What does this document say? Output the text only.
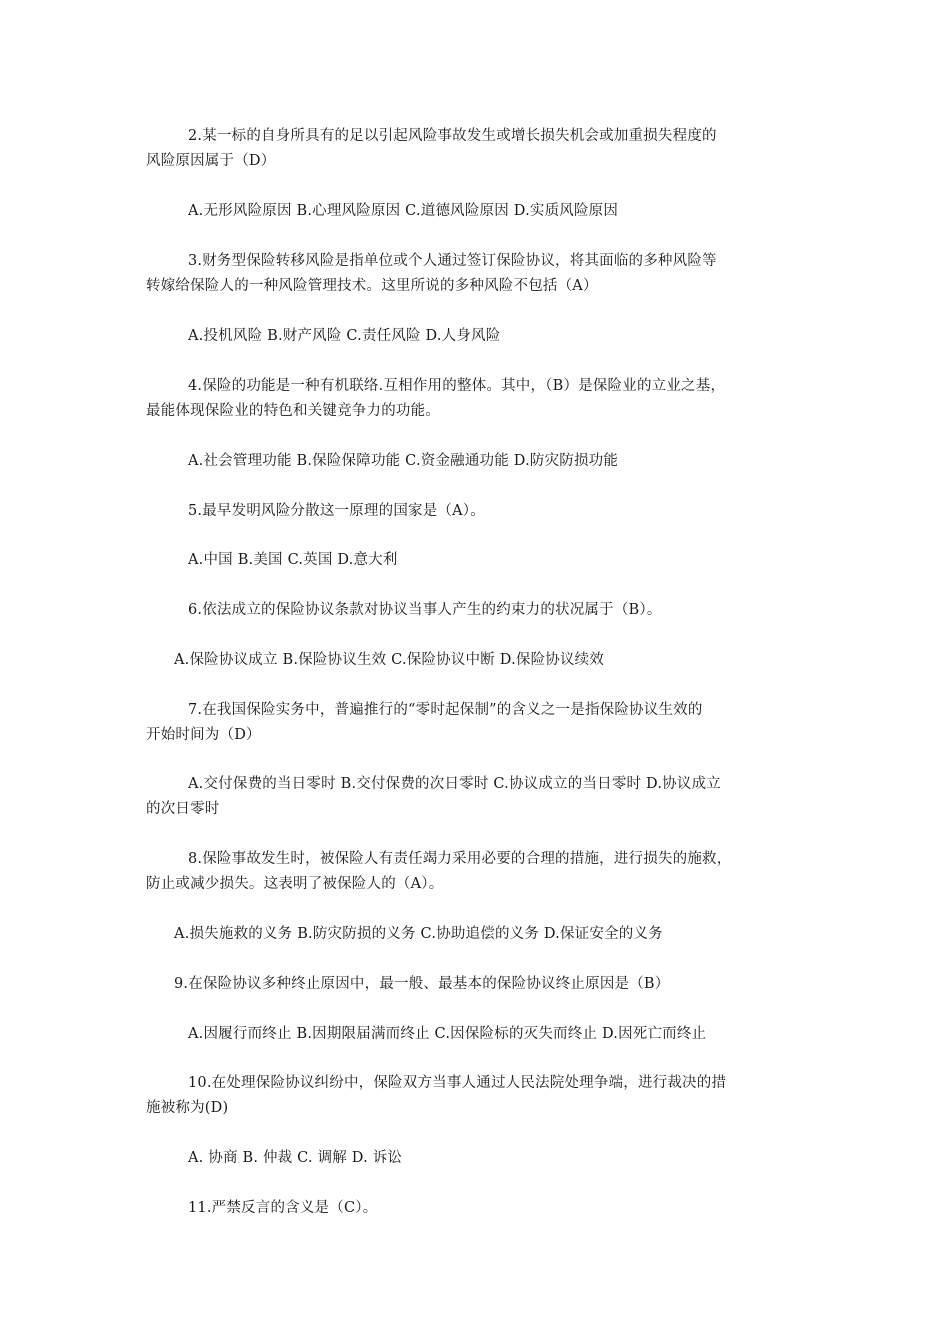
2.某一标的自身所具有的足以引起风险事故发生或增长损失机会或加重损失程度的
风险原因属于（D）
A.无形风险原因 B.心理风险原因 C.道德风险原因 D.实质风险原因
3.财务型保险转移风险是指单位或个人通过签订保险协议，将其面临的多种风险等
转嫁给保险人的一种风险管理技术。这里所说的多种风险不包括（A）
A.投机风险 B.财产风险 C.责任风险 D.人身风险
4.保险的功能是一种有机联络.互相作用的整体。其中，（B）是保险业的立业之基，
最能体现保险业的特色和关键竞争力的功能。
A.社会管理功能 B.保险保障功能 C.资金融通功能 D.防灾防损功能
5.最早发明风险分散这一原理的国家是（A）。
A.中国 B.美国 C.英国 D.意大利
6.依法成立的保险协议条款对协议当事人产生的约束力的状况属于（B）。
A.保险协议成立 B.保险协议生效 C.保险协议中断 D.保险协议续效
7.在我国保险实务中，普遍推行的“零时起保制”的含义之一是指保险协议生效的
开始时间为（D）
A.交付保费的当日零时 B.交付保费的次日零时 C.协议成立的当日零时 D.协议成立
的次日零时
8.保险事故发生时，被保险人有责任竭力采用必要的合理的措施，进行损失的施救，
防止或减少损失。这表明了被保险人的（A）。
A.损失施救的义务 B.防灾防损的义务 C.协助追偿的义务 D.保证安全的义务
9.在保险协议多种终止原因中，最一般、最基本的保险协议终止原因是（B）
A.因履行而终止 B.因期限届满而终止 C.因保险标的灭失而终止 D.因死亡而终止
10.在处理保险协议纠纷中，保险双方当事人通过人民法院处理争端，进行裁决的措
施被称为(D)
A. 协商 B. 仲裁 C. 调解 D. 诉讼
11.严禁反言的含义是（C）。
